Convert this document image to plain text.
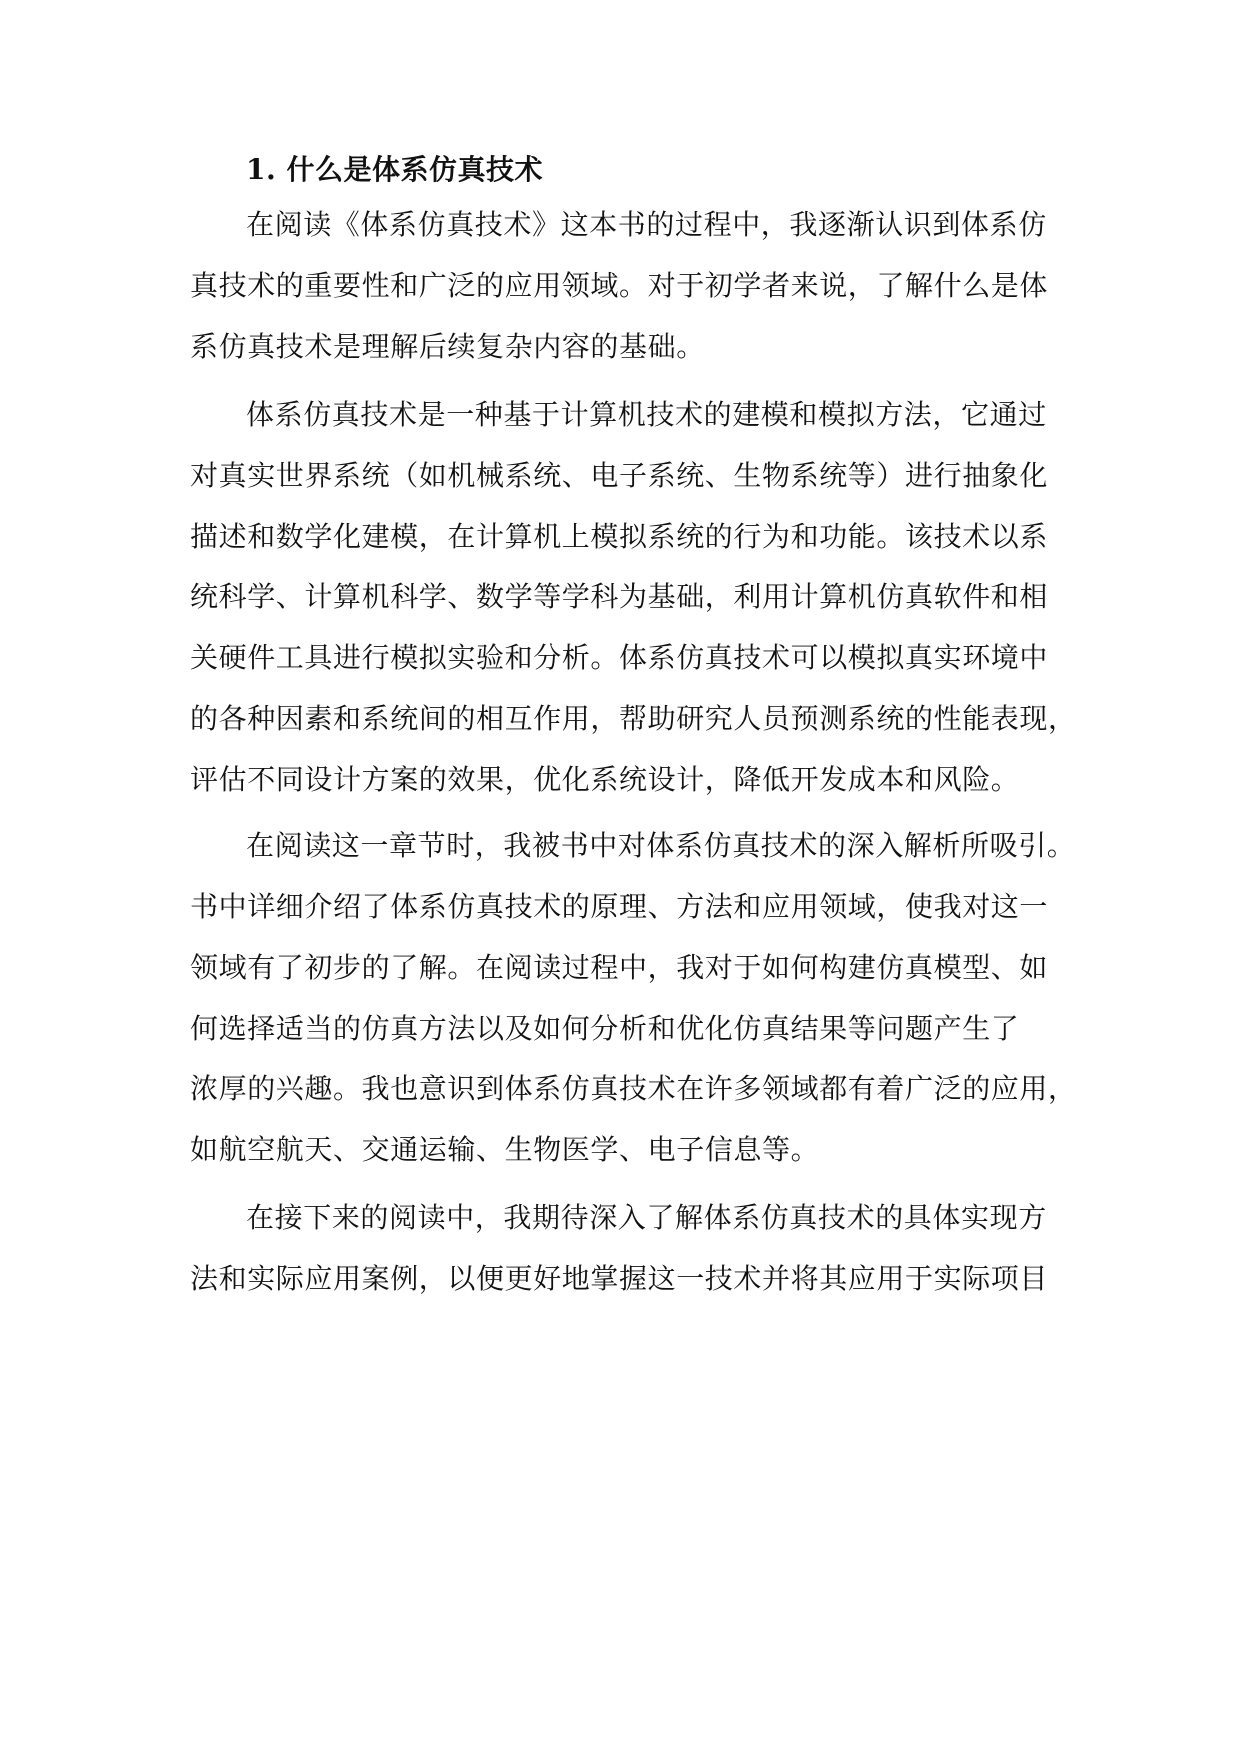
1. 什么是体系仿真技术
在阅读《体系仿真技术》这本书的过程中，我逐渐认识到体系仿
真技术的重要性和广泛的应用领域。对于初学者来说，了解什么是体
系仿真技术是理解后续复杂内容的基础。
体系仿真技术是一种基于计算机技术的建模和模拟方法，它通过
对真实世界系统（如机械系统、电子系统、生物系统等）进行抽象化
描述和数学化建模，在计算机上模拟系统的行为和功能。该技术以系
统科学、计算机科学、数学等学科为基础，利用计算机仿真软件和相
关硬件工具进行模拟实验和分析。体系仿真技术可以模拟真实环境中
的各种因素和系统间的相互作用，帮助研究人员预测系统的性能表现，
评估不同设计方案的效果，优化系统设计，降低开发成本和风险。
在阅读这一章节时，我被书中对体系仿真技术的深入解析所吸引。
书中详细介绍了体系仿真技术的原理、方法和应用领域，使我对这一
领域有了初步的了解。在阅读过程中，我对于如何构建仿真模型、如
何选择适当的仿真方法以及如何分析和优化仿真结果等问题产生了
浓厚的兴趣。我也意识到体系仿真技术在许多领域都有着广泛的应用，
如航空航天、交通运输、生物医学、电子信息等。
在接下来的阅读中，我期待深入了解体系仿真技术的具体实现方
法和实际应用案例，以便更好地掌握这一技术并将其应用于实际项目
